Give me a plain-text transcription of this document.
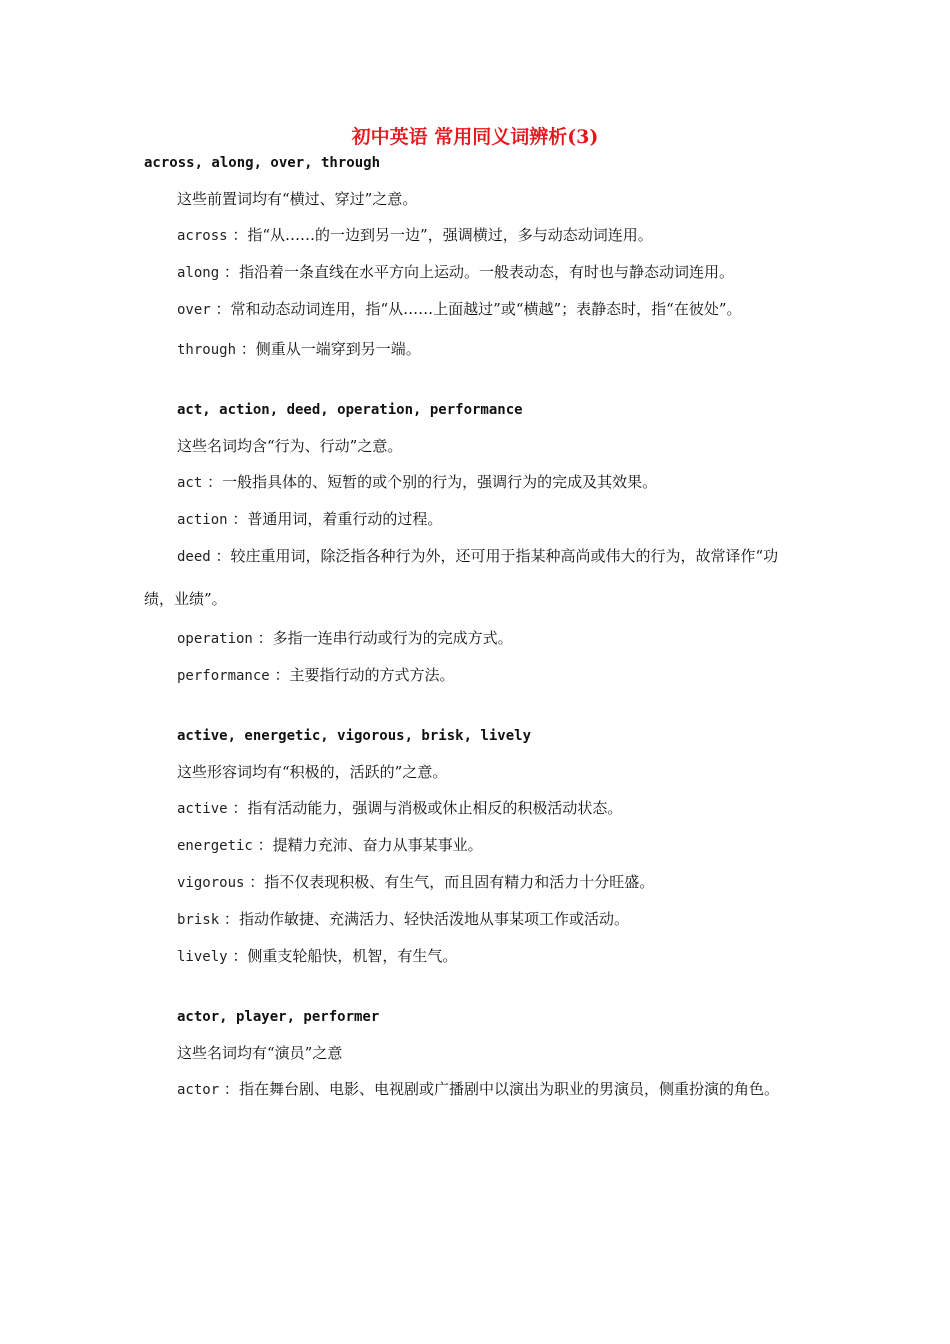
初中英语 常用同义词辨析(3)

across, along, over, through

这些前置词均有“横过、穿过”之意。

across ：指“从……的一边到另一边”，强调横过，多与动态动词连用。

along ：指沿着一条直线在水平方向上运动。一般表动态，有时也与静态动词连用。

over ：常和动态动词连用，指“从……上面越过”或“横越”；表静态时，指“在彼处”。

through ：侧重从一端穿到另一端。

act, action, deed, operation, performance

这些名词均含“行为、行动”之意。

act ：一般指具体的、短暂的或个别的行为，强调行为的完成及其效果。

action ：普通用词，着重行动的过程。

deed ：较庄重用词，除泛指各种行为外，还可用于指某种高尚或伟大的行为，故常译作“功绩，业绩”。

operation ：多指一连串行动或行为的完成方式。

performance ：主要指行动的方式方法。

active, energetic, vigorous, brisk, lively

这些形容词均有“积极的，活跃的”之意。

active ：指有活动能力，强调与消极或休止相反的积极活动状态。

energetic ：提精力充沛、奋力从事某事业。

vigorous ：指不仅表现积极、有生气，而且固有精力和活力十分旺盛。

brisk ：指动作敏捷、充满活力、轻快活泼地从事某项工作或活动。

lively ：侧重支轮船快，机智，有生气。

actor, player, performer

这些名词均有“演员”之意

actor ：指在舞台剧、电影、电视剧或广播剧中以演出为职业的男演员，侧重扮演的角色。
